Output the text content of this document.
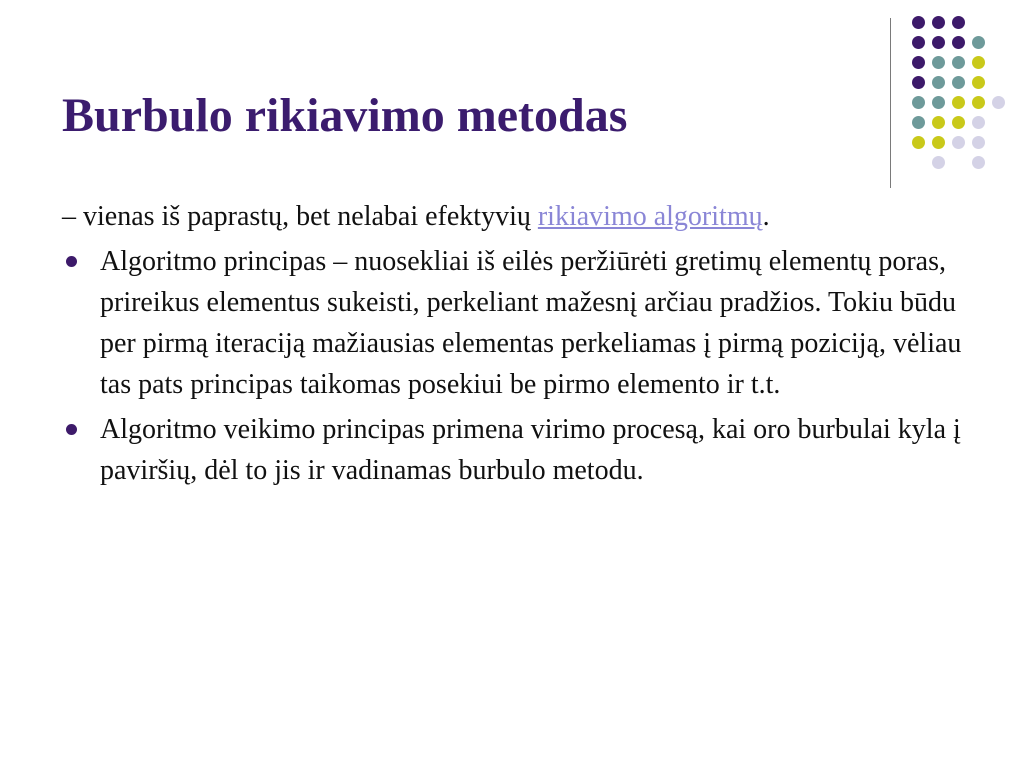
Burbulo rikiavimo metodas

– vienas iš paprastų, bet nelabai efektyvių rikiavimo algoritmų.

Algoritmo principas – nuosekliai iš eilės peržiūrėti gretimų elementų poras, prireikus elementus sukeisti, perkeliant mažesnį arčiau pradžios. Tokiu būdu per pirmą iteraciją mažiausias elementas perkeliamas į pirmą poziciją, vėliau tas pats principas taikomas posekiui be pirmo elemento ir t.t.
Algoritmo veikimo principas primena virimo procesą, kai oro burbulai kyla į paviršių, dėl to jis ir vadinamas burbulo metodu.
